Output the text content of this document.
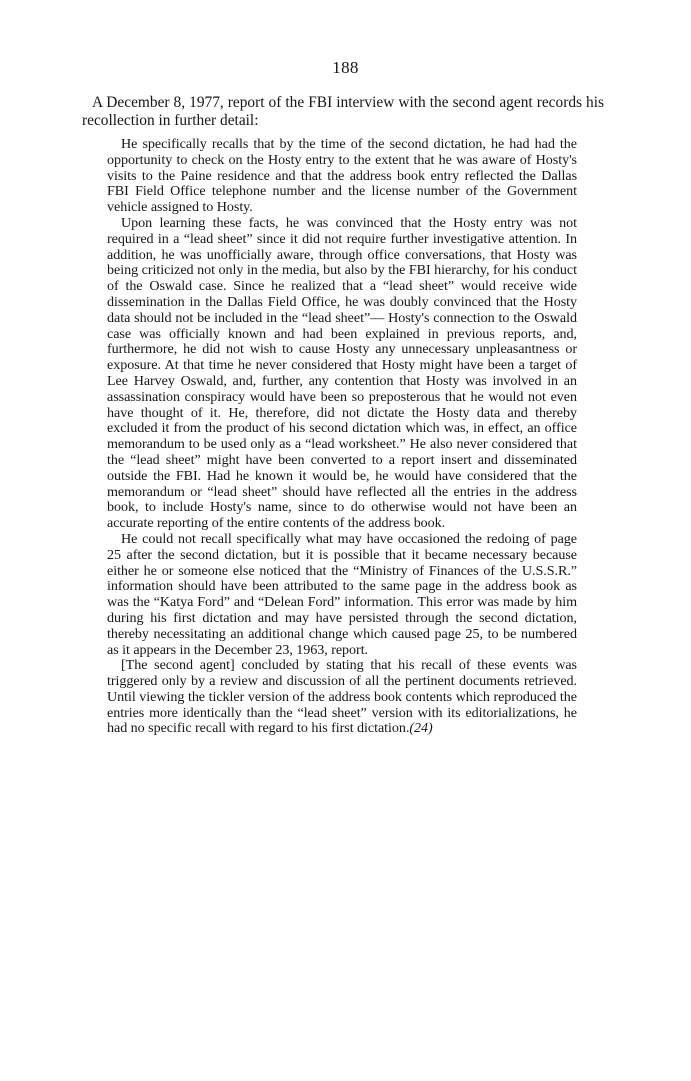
188

A December 8, 1977, report of the FBI interview with the second agent records his recollection in further detail:

He specifically recalls that by the time of the second dictation, he had had the opportunity to check on the Hosty entry to the extent that he was aware of Hosty's visits to the Paine residence and that the address book entry reflected the Dallas FBI Field Office telephone number and the license number of the Government vehicle assigned to Hosty.

Upon learning these facts, he was convinced that the Hosty entry was not required in a “lead sheet” since it did not require further investigative attention. In addition, he was unofficially aware, through office conversations, that Hosty was being criticized not only in the media, but also by the FBI hierarchy, for his conduct of the Oswald case. Since he realized that a “lead sheet” would receive wide dissemination in the Dallas Field Office, he was doubly convinced that the Hosty data should not be included in the “lead sheet”— Hosty's connection to the Oswald case was officially known and had been explained in previous reports, and, furthermore, he did not wish to cause Hosty any unnecessary unpleasantness or exposure. At that time he never considered that Hosty might have been a target of Lee Harvey Oswald, and, further, any contention that Hosty was involved in an assassination conspiracy would have been so preposterous that he would not even have thought of it. He, therefore, did not dictate the Hosty data and thereby excluded it from the product of his second dictation which was, in effect, an office memorandum to be used only as a “lead worksheet.” He also never considered that the “lead sheet” might have been converted to a report insert and disseminated outside the FBI. Had he known it would be, he would have considered that the memorandum or “lead sheet” should have reflected all the entries in the address book, to include Hosty's name, since to do otherwise would not have been an accurate reporting of the entire contents of the address book.

He could not recall specifically what may have occasioned the redoing of page 25 after the second dictation, but it is possible that it became necessary because either he or someone else noticed that the “Ministry of Finances of the U.S.S.R.” information should have been attributed to the same page in the address book as was the “Katya Ford” and “Delean Ford” information. This error was made by him during his first dictation and may have persisted through the second dictation, thereby necessitating an additional change which caused page 25, to be numbered as it appears in the December 23, 1963, report.

[The second agent] concluded by stating that his recall of these events was triggered only by a review and discussion of all the pertinent documents retrieved. Until viewing the tickler version of the address book contents which reproduced the entries more identically than the “lead sheet” version with its editorializations, he had no specific recall with regard to his first dictation.(24)
